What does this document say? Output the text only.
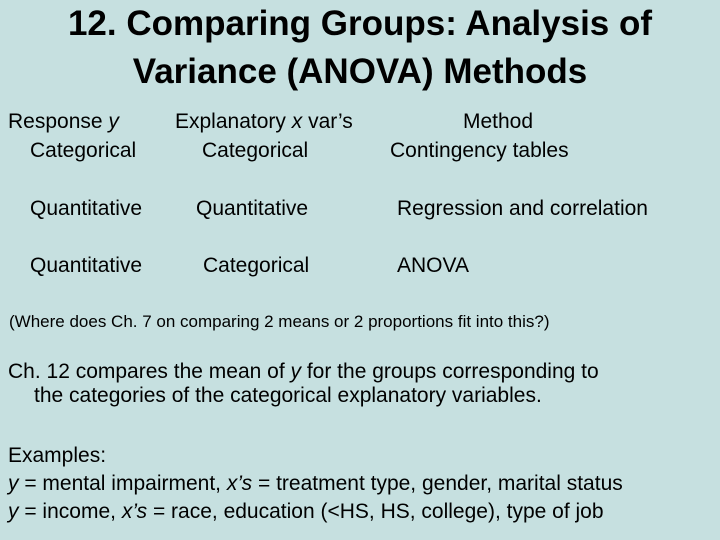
12. Comparing Groups: Analysis of
Variance (ANOVA) Methods
Response y	Explanatory x var’s	Method
Categorical	Categorical	Contingency tables
Quantitative	Quantitative	Regression and correlation
Quantitative	Categorical	ANOVA
(Where does Ch. 7 on comparing 2 means or 2 proportions fit into this?)
Ch. 12 compares the mean of y for the groups corresponding to
the categories of the categorical explanatory variables.
Examples:
y = mental impairment, x’s = treatment type, gender, marital status
y = income, x’s = race, education (<HS, HS, college), type of job
